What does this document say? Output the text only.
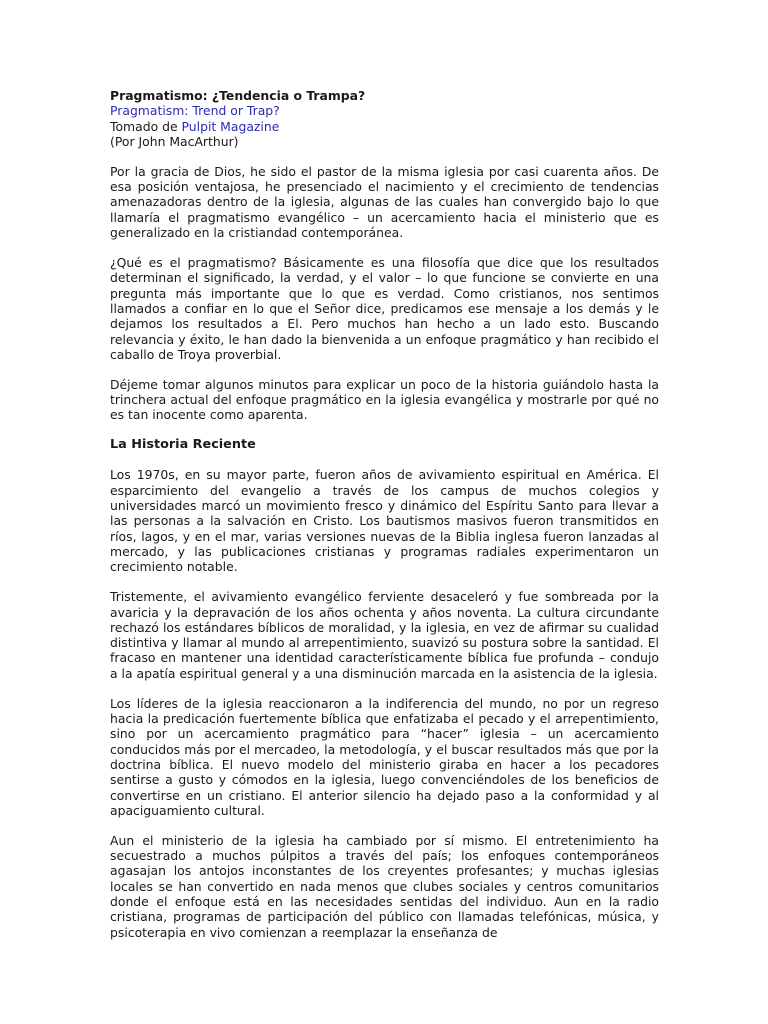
Pragmatismo: ¿Tendencia o Trampa?

Pragmatism: Trend or Trap?

Tomado de Pulpit Magazine

(Por John MacArthur)

Por la gracia de Dios, he sido el pastor de la misma iglesia por casi cuarenta años. De esa posición ventajosa, he presenciado el nacimiento y el crecimiento de tendencias amenazadoras dentro de la iglesia, algunas de las cuales han convergido bajo lo que llamaría el pragmatismo evangélico – un acercamiento hacia el ministerio que es generalizado en la cristiandad contemporánea.

¿Qué es el pragmatismo? Básicamente es una filosofía que dice que los resultados determinan el significado, la verdad, y el valor – lo que funcione se convierte en una pregunta más importante que lo que es verdad. Como cristianos, nos sentimos llamados a confiar en lo que el Señor dice, predicamos ese mensaje a los demás y le dejamos los resultados a El. Pero muchos han hecho a un lado esto. Buscando relevancia y éxito, le han dado la bienvenida a un enfoque pragmático y han recibido el caballo de Troya proverbial.

Déjeme tomar algunos minutos para explicar un poco de la historia guiándolo hasta la trinchera actual del enfoque pragmático en la iglesia evangélica y mostrarle por qué no es tan inocente como aparenta.

La Historia Reciente

Los 1970s, en su mayor parte, fueron años de avivamiento espiritual en América. El esparcimiento del evangelio a través de los campus de muchos colegios y universidades marcó un movimiento fresco y dinámico del Espíritu Santo para llevar a las personas a la salvación en Cristo. Los bautismos masivos fueron transmitidos en ríos, lagos, y en el mar, varias versiones nuevas de la Biblia inglesa fueron lanzadas al mercado, y las publicaciones cristianas y programas radiales experimentaron un crecimiento notable.

Tristemente, el avivamiento evangélico ferviente desaceleró y fue sombreada por la avaricia y la depravación de los años ochenta y años noventa. La cultura circundante rechazó los estándares bíblicos de moralidad, y la iglesia, en vez de afirmar su cualidad distintiva y llamar al mundo al arrepentimiento, suavizó su postura sobre la santidad. El fracaso en mantener una identidad característicamente bíblica fue profunda – condujo a la apatía espiritual general y a una disminución marcada en la asistencia de la iglesia.

Los líderes de la iglesia reaccionaron a la indiferencia del mundo, no por un regreso hacia la predicación fuertemente bíblica que enfatizaba el pecado y el arrepentimiento, sino por un acercamiento pragmático para “hacer” iglesia – un acercamiento conducidos más por el mercadeo, la metodología, y el buscar resultados más que por la doctrina bíblica. El nuevo modelo del ministerio giraba en hacer a los pecadores sentirse a gusto y cómodos en la iglesia, luego convenciéndoles de los beneficios de convertirse en un cristiano. El anterior silencio ha dejado paso a la conformidad y al apaciguamiento cultural.

Aun el ministerio de la iglesia ha cambiado por sí mismo. El entretenimiento ha secuestrado a muchos púlpitos a través del país; los enfoques contemporáneos agasajan los antojos inconstantes de los creyentes profesantes; y muchas iglesias locales se han convertido en nada menos que clubes sociales y centros comunitarios donde el enfoque está en las necesidades sentidas del individuo. Aun en la radio cristiana, programas de participación del público con llamadas telefónicas, música, y psicoterapia en vivo comienzan a reemplazar la enseñanza de
